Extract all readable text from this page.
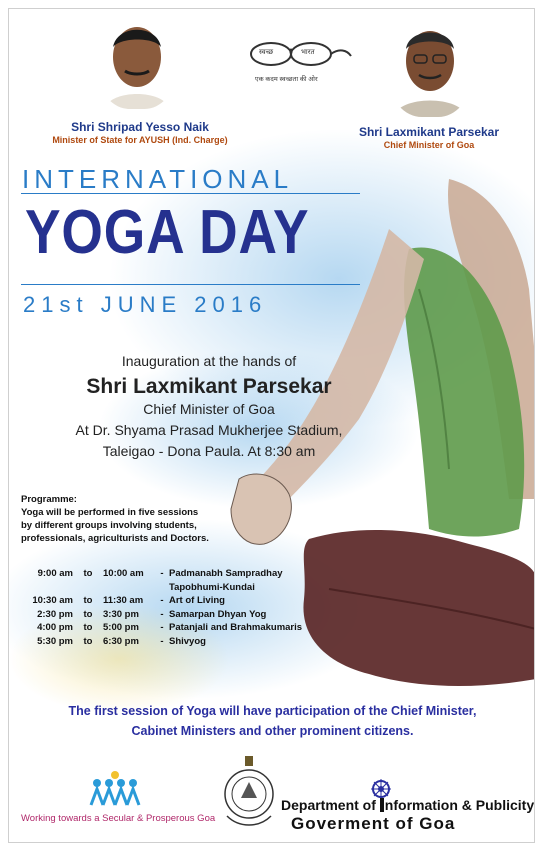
Shri Shripad Yesso Naik
Minister of State for AYUSH (Ind. Charge)
स्वच्छ	भारत
एक कदम स्वच्छता की ओर
Shri Laxmikant Parsekar
Chief Minister of Goa
INTERNATIONAL
YOGA DAY
21st JUNE 2016
Inauguration at the hands of
Shri Laxmikant Parsekar
Chief Minister of Goa
At Dr. Shyama Prasad Mukherjee Stadium,
Taleigao - Dona Paula. At 8:30 am
Programme:
Yoga will be performed in five sessions
by different groups involving students,
professionals, agriculturists and Doctors.
9:00 am	to	10:00 am	-	Padmanabh Sampradhay
				Tapobhumi-Kundai
10:30 am	to	11:30 am	-	Art of Living
2:30 pm	to	3:30 pm	-	Samarpan Dhyan Yog
4:00 pm	to	5:00 pm	-	Patanjali and Brahmakumaris
5:30 pm	to	6:30 pm	-	Shivyog
The first session of Yoga will have participation of the Chief Minister,
Cabinet Ministers and other prominent citizens.
Working towards a Secular & Prosperous Goa
Department of nformation & Publicity
Goverment of Goa
